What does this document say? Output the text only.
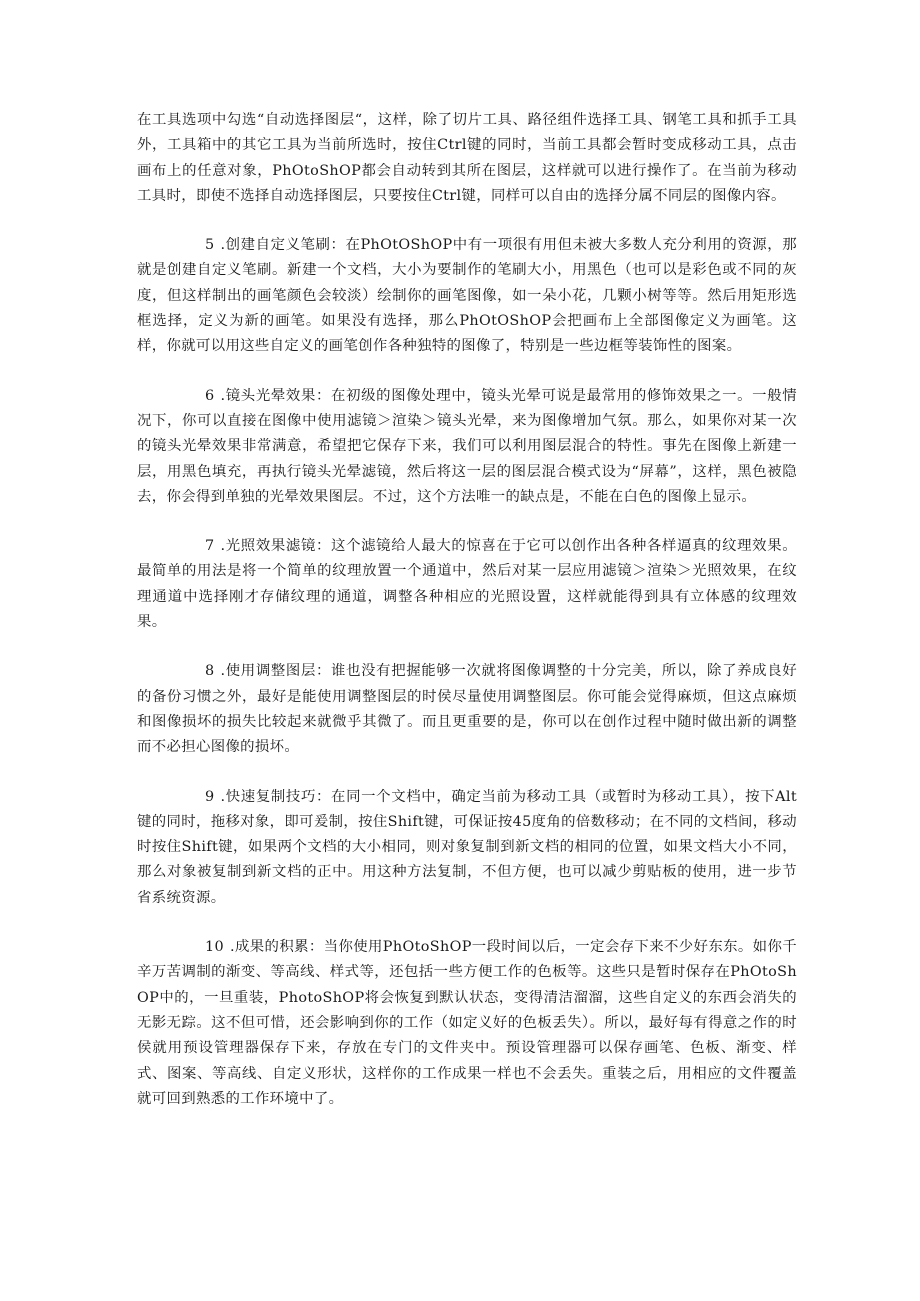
在工具选项中勾选“自动选择图层“，这样，除了切片工具、路径组件选择工具、钢笔工具和抓手工具外，工具箱中的其它工具为当前所选时，按住Ctrl键的同时，当前工具都会暂时变成移动工具，点击画布上的任意对象，PhOtoShOP都会自动转到其所在图层，这样就可以进行操作了。在当前为移动工具时，即使不选择自动选择图层，只要按住Ctrl键，同样可以自由的选择分属不同层的图像内容。

5 .创建自定义笔刷：在PhOtOShOP中有一项很有用但未被大多数人充分利用的资源，那就是创建自定义笔刷。新建一个文档，大小为要制作的笔刷大小，用黑色（也可以是彩色或不同的灰度，但这样制出的画笔颜色会较淡）绘制你的画笔图像，如一朵小花，几颗小树等等。然后用矩形选框选择，定义为新的画笔。如果没有选择，那么PhOtOShOP会把画布上全部图像定义为画笔。这样，你就可以用这些自定义的画笔创作各种独特的图像了，特别是一些边框等装饰性的图案。

6 .镜头光晕效果：在初级的图像处理中，镜头光晕可说是最常用的修饰效果之一。一般情况下，你可以直接在图像中使用滤镜＞渲染＞镜头光晕，来为图像增加气氛。那么，如果你对某一次的镜头光晕效果非常满意，希望把它保存下来，我们可以利用图层混合的特性。事先在图像上新建一层，用黑色填充，再执行镜头光晕滤镜，然后将这一层的图层混合模式设为“屏幕”，这样，黑色被隐去，你会得到单独的光晕效果图层。不过，这个方法唯一的缺点是，不能在白色的图像上显示。

7 .光照效果滤镜：这个滤镜给人最大的惊喜在于它可以创作出各种各样逼真的纹理效果。最简单的用法是将一个简单的纹理放置一个通道中，然后对某一层应用滤镜＞渲染＞光照效果，在纹理通道中选择刚才存储纹理的通道，调整各种相应的光照设置，这样就能得到具有立体感的纹理效果。

8 .使用调整图层：谁也没有把握能够一次就将图像调整的十分完美，所以，除了养成良好的备份习惯之外，最好是能使用调整图层的时侯尽量使用调整图层。你可能会觉得麻烦，但这点麻烦和图像损坏的损失比较起来就微乎其微了。而且更重要的是，你可以在创作过程中随时做出新的调整而不必担心图像的损坏。

9 .快速复制技巧：在同一个文档中，确定当前为移动工具（或暂时为移动工具），按下Alt键的同时，拖移对象，即可爰制，按住Shift键，可保证按45度角的倍数移动；在不同的文档间，移动时按住Shift键，如果两个文档的大小相同，则对象复制到新文档的相同的位置，如果文档大小不同，那么对象被复制到新文档的正中。用这种方法复制，不但方便，也可以减少剪贴板的使用，进一步节省系统资源。

10 .成果的积累：当你使用PhOtoShOP一段时间以后，一定会存下来不少好东东。如你千辛万苦调制的渐变、等高线、样式等，还包括一些方便工作的色板等。这些只是暂时保存在PhOtoShOP中的，一旦重装，PhotoShOP将会恢复到默认状态，变得清洁溜溜，这些自定义的东西会消失的无影无踪。这不但可惜，还会影响到你的工作（如定义好的色板丢失）。所以，最好每有得意之作的时侯就用预设管理器保存下来，存放在专门的文件夹中。预设管理器可以保存画笔、色板、渐变、样式、图案、等高线、自定义形状，这样你的工作成果一样也不会丢失。重装之后，用相应的文件覆盖就可回到熟悉的工作环境中了。
